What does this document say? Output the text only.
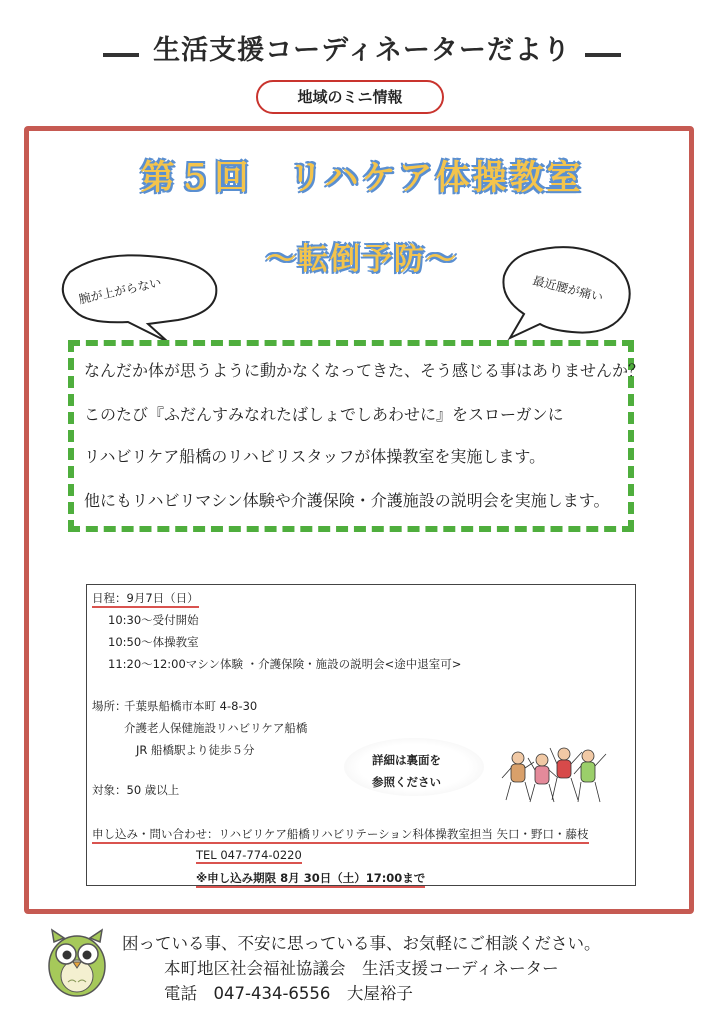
生活支援コーディネーターだより
地域のミニ情報
第５回　リハケア体操教室
～転倒予防～
腕が上がらない	最近腰が痛い
なんだか体が思うように動かなくなってきた、そう感じる事はありませんか？
このたび『ふだんすみなれたばしょでしあわせに』をスローガンに
リハビリケア船橋のリハビリスタッフが体操教室を実施します。
他にもリハビリマシン体験や介護保険・介護施設の説明会を実施します。
日程：9月7日（日）
10:30～受付開始
10:50～体操教室
11:20～12:00マシン体験 ・介護保険・施設の説明会<途中退室可>
場所：
千葉県船橋市本町 4-8-30
介護老人保健施設リハビリケア船橋
JR 船橋駅より徒歩５分
詳細は裏面を
参照ください
対象：50 歳以上
申し込み・問い合わせ：リハビリケア船橋リハビリテーション科体操教室担当 矢口・野口・藤枝
TEL 047-774-0220
※申し込み期限 8月 30日（土）17:00まで
困っている事、不安に思っている事、お気軽にご相談ください。
本町地区社会福祉協議会　生活支援コーディネーター
電話　047-434-6556　大屋裕子
